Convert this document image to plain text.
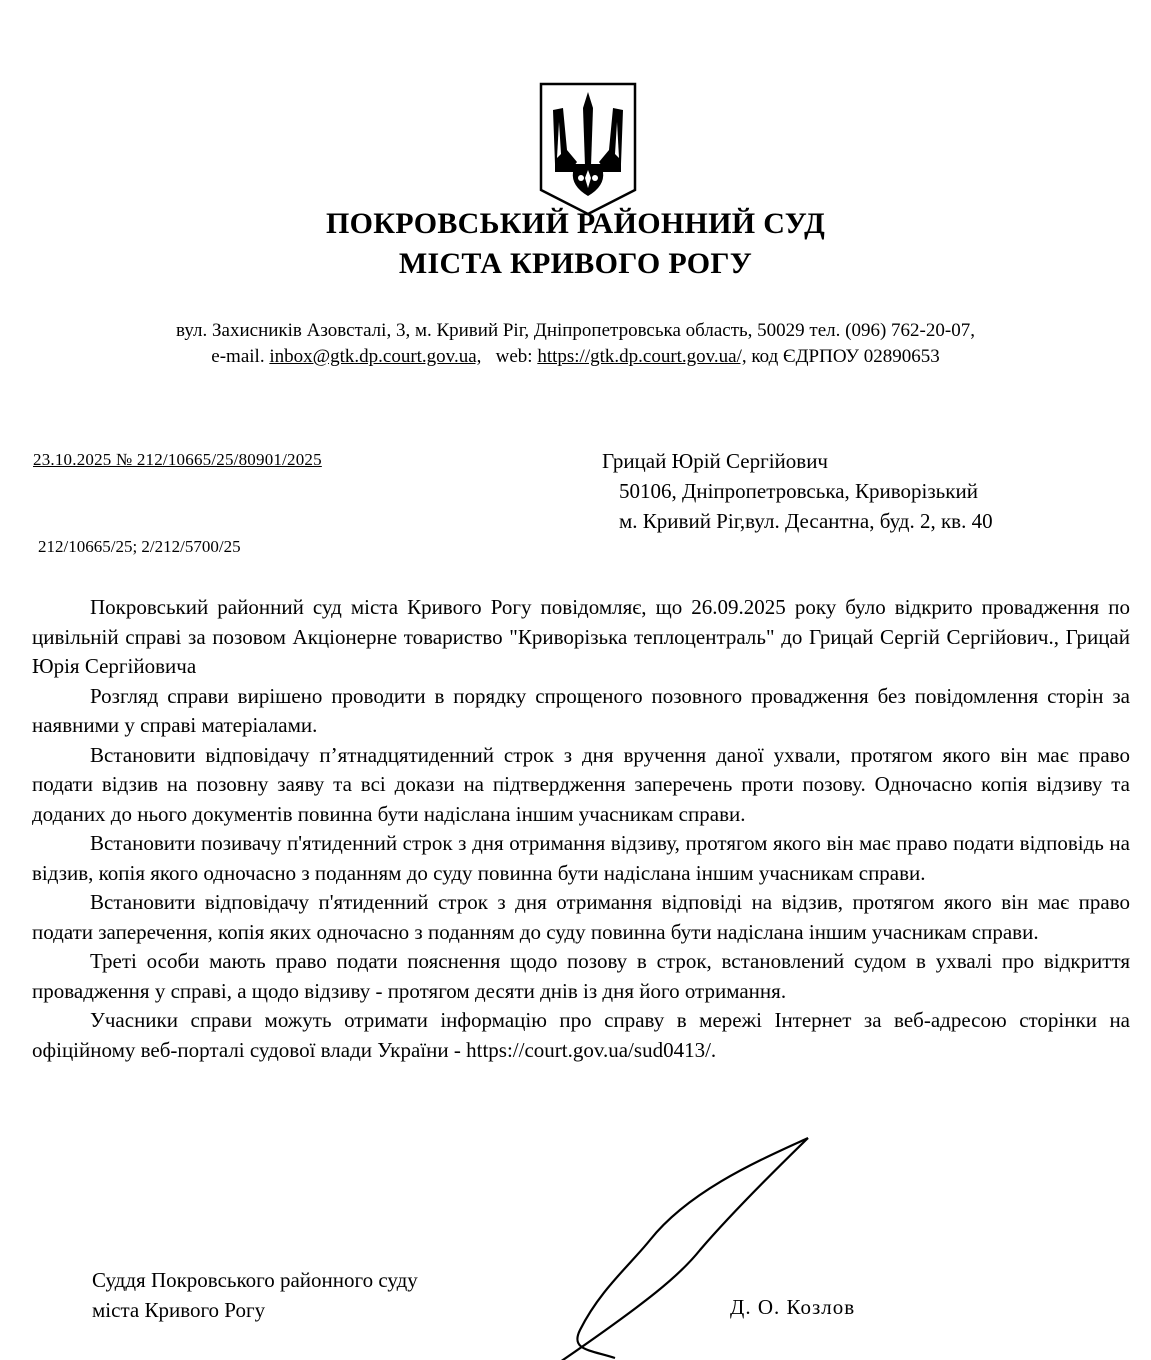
ПОКРОВСЬКИЙ РАЙОННИЙ СУД
МІСТА КРИВОГО РОГУ
вул. Захисників Азовсталі, 3, м. Кривий Ріг, Дніпропетровська область, 50029 тел. (096) 762-20-07,
e-mail. inbox@gtk.dp.court.gov.ua, web: https://gtk.dp.court.gov.ua/, код ЄДРПОУ 02890653
23.10.2025 № 212/10665/25/80901/2025
212/10665/25; 2/212/5700/25
Грицай Юрій Сергійович
50106, Дніпропетровська, Криворізький
м. Кривий Ріг,вул. Десантна, буд. 2, кв. 40

Покровський районний суд міста Кривого Рогу повідомляє, що 26.09.2025 року було відкрито провадження по цивільній справі за позовом Акціонерне товариство "Криворізька теплоцентраль" до Грицай Сергій Сергійович., Грицай Юрія Сергійовича

Розгляд справи вирішено проводити в порядку спрощеного позовного провадження без повідомлення сторін за наявними у справі матеріалами.

Встановити відповідачу п’ятнадцятиденний строк з дня вручення даної ухвали, протягом якого він має право подати відзив на позовну заяву та всі докази на підтвердження заперечень проти позову. Одночасно копія відзиву та доданих до нього документів повинна бути надіслана іншим учасникам справи.

Встановити позивачу п'ятиденний строк з дня отримання відзиву, протягом якого він має право подати відповідь на відзив, копія якого одночасно з поданням до суду повинна бути надіслана іншим учасникам справи.

Встановити відповідачу п'ятиденний строк з дня отримання відповіді на відзив, протягом якого він має право подати заперечення, копія яких одночасно з поданням до суду повинна бути надіслана іншим учасникам справи.

Треті особи мають право подати пояснення щодо позову в строк, встановлений судом в ухвалі про відкриття провадження у справі, а щодо відзиву - протягом десяти днів із дня його отримання.

Учасники справи можуть отримати інформацію про справу в мережі Інтернет за веб-адресою сторінки на офіційному веб-порталі судової влади України - https://court.gov.ua/sud0413/.

Суддя Покровського районного суду
міста Кривого Рогу	Д. О. Козлов
